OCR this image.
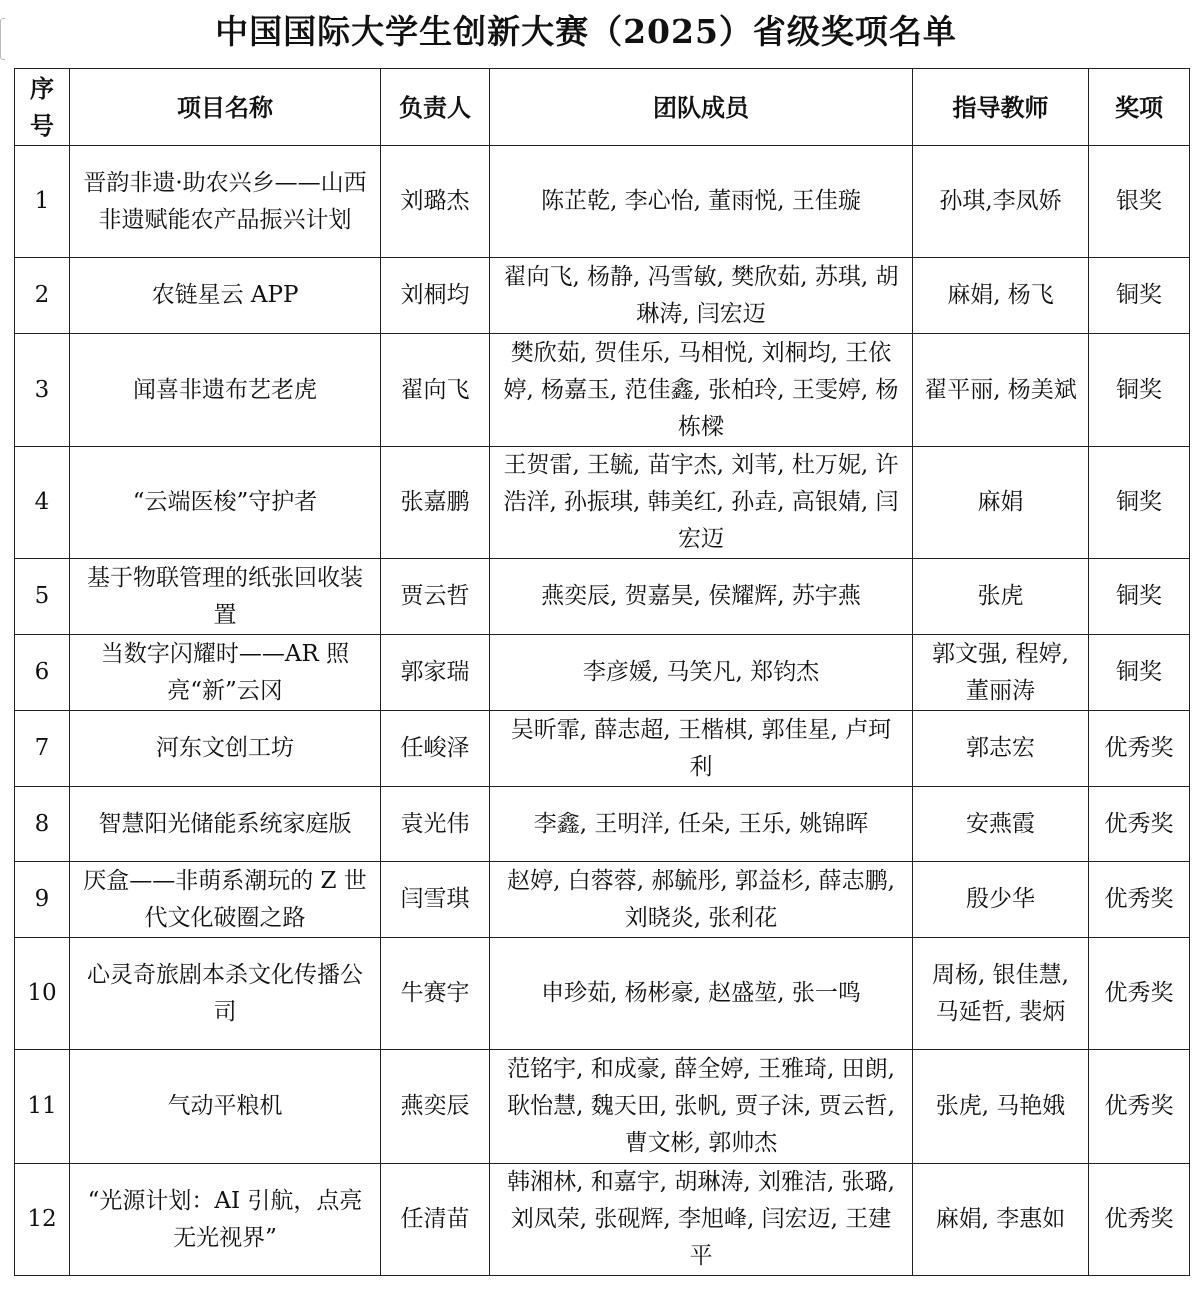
中国国际大学生创新大赛（2025）省级奖项名单
序号	项目名称	负责人	团队成员	指导教师	奖项
1	晋韵非遗·助农兴乡——山西非遗赋能农产品振兴计划	刘璐杰	陈芷乾, 李心怡, 董雨悦, 王佳璇	孙琪,李凤娇	银奖
2	农链星云 APP	刘桐均	翟向飞, 杨静, 冯雪敏, 樊欣茹, 苏琪, 胡琳涛, 闫宏迈	麻娟, 杨飞	铜奖
3	闻喜非遗布艺老虎	翟向飞	樊欣茹, 贺佳乐, 马相悦, 刘桐均, 王依婷, 杨嘉玉, 范佳鑫, 张柏玲, 王雯婷, 杨栋樑	翟平丽, 杨美斌	铜奖
4	“云端医梭”守护者	张嘉鹏	王贺雷, 王毓, 苗宇杰, 刘苇, 杜万妮, 许浩洋, 孙振琪, 韩美红, 孙垚, 高银婧, 闫宏迈	麻娟	铜奖
5	基于物联管理的纸张回收装置	贾云哲	燕奕辰, 贺嘉昊, 侯耀辉, 苏宇燕	张虎	铜奖
6	当数字闪耀时——AR 照亮“新”云冈	郭家瑞	李彦媛, 马笑凡, 郑钧杰	郭文强, 程婷, 董丽涛	铜奖
7	河东文创工坊	任峻泽	吴昕霏, 薛志超, 王楷棋, 郭佳星, 卢珂利	郭志宏	优秀奖
8	智慧阳光储能系统家庭版	袁光伟	李鑫, 王明洋, 任朵, 王乐, 姚锦晖	安燕霞	优秀奖
9	厌盒——非萌系潮玩的 Z 世代文化破圈之路	闫雪琪	赵婷, 白蓉蓉, 郝毓彤, 郭益杉, 薛志鹏, 刘晓炎, 张利花	殷少华	优秀奖
10	心灵奇旅剧本杀文化传播公司	牛赛宇	申珍茹, 杨彬豪, 赵盛堃, 张一鸣	周杨, 银佳慧, 马延哲, 裴炳	优秀奖
11	气动平粮机	燕奕辰	范铭宇, 和成豪, 薛全婷, 王雅琦, 田朗, 耿怡慧, 魏天田, 张帆, 贾子沫, 贾云哲, 曹文彬, 郭帅杰	张虎, 马艳娥	优秀奖
12	“光源计划：AI 引航，点亮无光视界”	任清苗	韩湘林, 和嘉宇, 胡琳涛, 刘雅洁, 张璐, 刘凤荣, 张砚辉, 李旭峰, 闫宏迈, 王建平	麻娟, 李惠如	优秀奖
